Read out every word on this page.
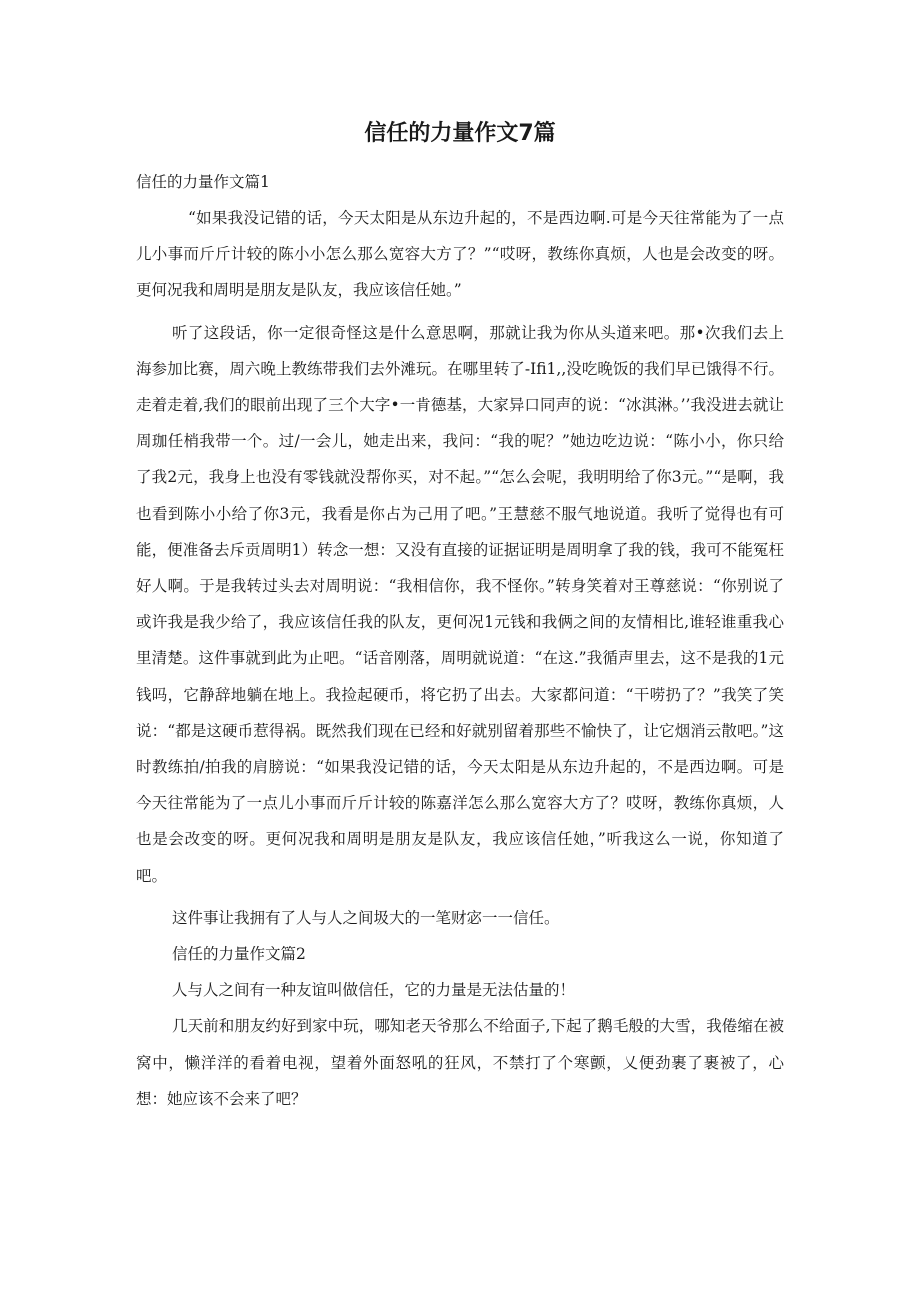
信任的力量作文7篇

信任的力量作文篇1

“如果我没记错的话，今天太阳是从东边升起的，不是西边啊.可是今天往常能为了一点儿小事而斤斤计较的陈小小怎么那么宽容大方了？”“哎呀，教练你真烦，人也是会改变的呀。更何况我和周明是朋友是队友，我应该信任她。”

听了这段话，你一定很奇怪这是什么意思啊，那就让我为你从头道来吧。那•次我们去上海参加比赛，周六晚上教练带我们去外滩玩。在哪里转了-Ifi1,,没吃晚饭的我们早已饿得不行。走着走着,我们的眼前出现了三个大字•一肯德基，大家异口同声的说：“冰淇淋。’’我没进去就让周珈任梢我带一个。过/一会儿，她走出来，我问：“我的呢？”她边吃边说：“陈小小，你只给了我2元，我身上也没有零钱就没帮你买，对不起。”“怎么会呢，我明明给了你3元。”“是啊，我也看到陈小小给了你3元，我看是你占为己用了吧。”王慧慈不服气地说道。我听了觉得也有可能，便准备去斥贡周明1）转念一想：又没有直接的证据证明是周明拿了我的钱，我可不能冤枉好人啊。于是我转过头去对周明说：“我相信你，我不怪你。”转身笑着对王尊慈说：“你别说了或许我是我少给了，我应该信任我的队友，更何况1元钱和我俩之间的友情相比,谁轻谁重我心里清楚。这件事就到此为止吧。“话音刚落，周明就说道：“在这.”我循声里去，这不是我的1元钱吗，它静辞地躺在地上。我捡起硬币，将它扔了出去。大家都问道：“干唠扔了？”我笑了笑说：“都是这硬币惹得祸。既然我们现在已经和好就别留着那些不愉快了，让它烟消云散吧。”这时教练拍/拍我的肩膀说：“如果我没记错的话，今天太阳是从东边升起的，不是西边啊。可是今天往常能为了一点儿小事而斤斤计较的陈嘉洋怎么那么宽容大方了？哎呀，教练你真烦，人也是会改变的呀。更何况我和周明是朋友是队友，我应该信任她，”听我这么一说，你知道了吧。

这件事让我拥有了人与人之间圾大的一笔财宓一一信任。

信任的力量作文篇2

人与人之间有一种友谊叫做信任，它的力量是无法估量的！

几天前和朋友约好到家中玩，哪知老天爷那么不给面子,下起了鹅毛般的大雪，我倦缩在被窝中，懒洋洋的看着电视，望着外面怒吼的狂风，不禁打了个寒颤，乂便劲裹了裹被了，心想：她应该不会来了吧？
